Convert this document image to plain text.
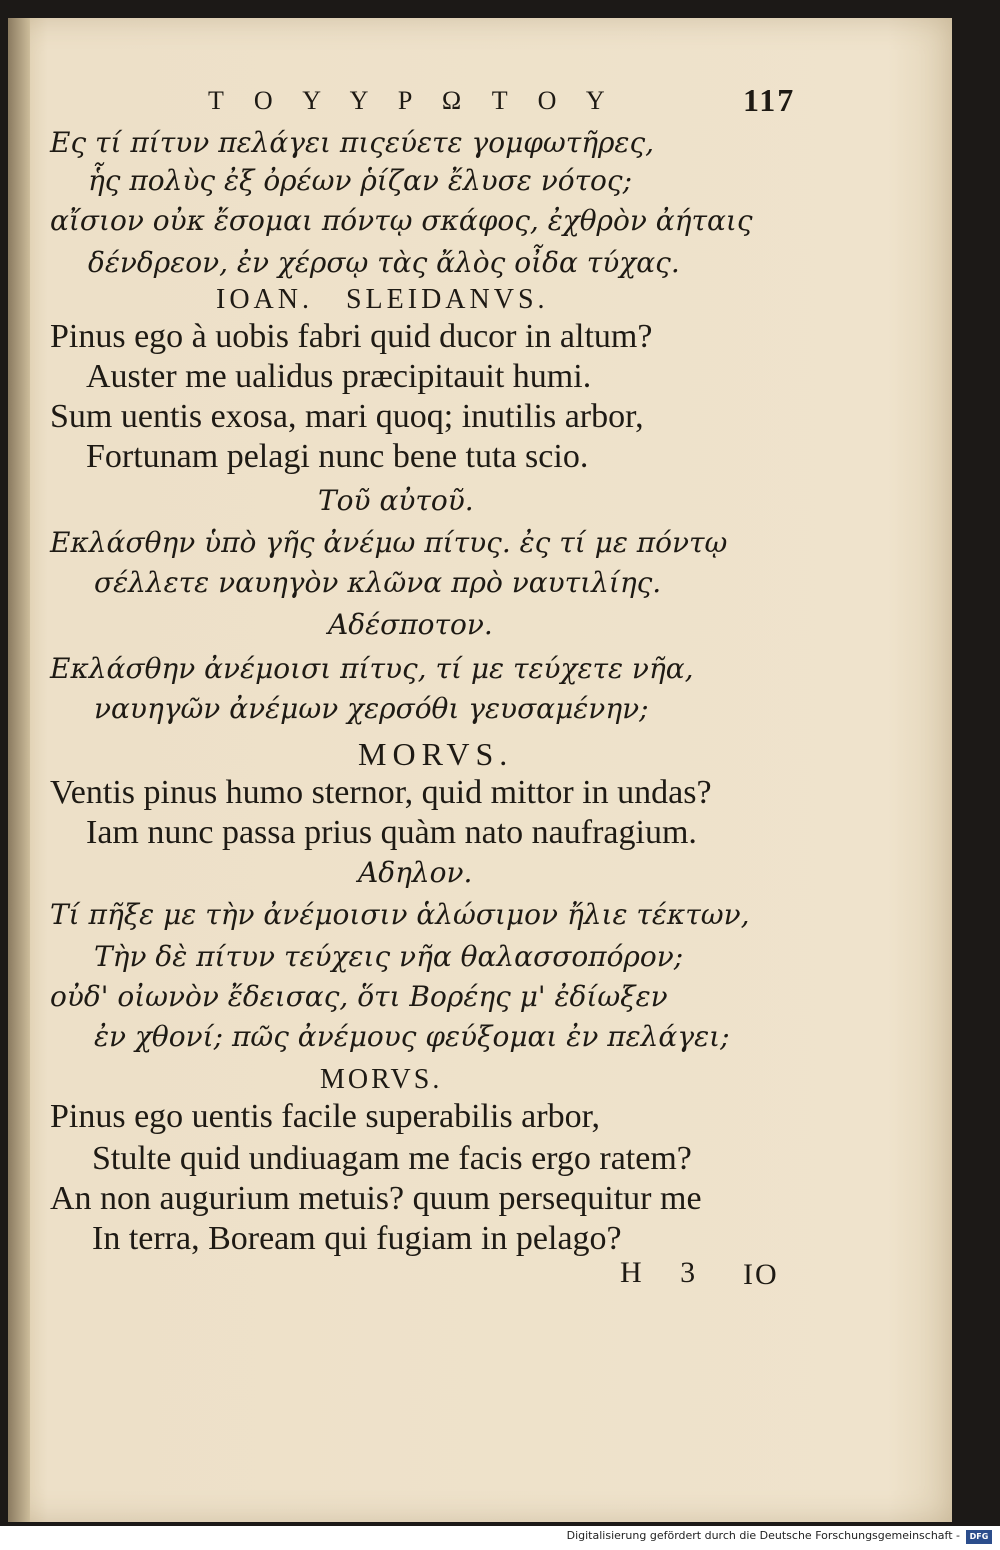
T O Y Y P Ω T O Y	117
Ες τί πίτυν πελάγει πιςεύετε γομφωτῆρες,
ἧς πολὺς ἐξ ὀρέων ῥίζαν ἔλυσε νότος;
αἴσιον οὐκ ἔσομαι πόντῳ σκάφος, ἐχθρὸν ἀήταις
δένδρεον, ἐν χέρσῳ τὰς ἄλὸς οἶδα τύχας.
IOAN.   SLEIDANVS.
Pinus ego à uobis fabri quid ducor in altum?
Auster me ualidus præcipitauit humi.
Sum uentis exosa, mari quoq; inutilis arbor,
Fortunam pelagi nunc bene tuta scio.
Τοῦ αὐτοῦ.
Εκλάσθην ὑπὸ γῆς ἀνέμω πίτυς. ἐς τί με πόντῳ
σέλλετε ναυηγὸν κλῶνα πρὸ ναυτιλίης.
Αδέσποτον.
Εκλάσθην ἀνέμοισι πίτυς, τί με τεύχετε νῆα,
ναυηγῶν ἀνέμων χερσόθι γευσαμένην;
MORVS.
Ventis pinus humo sternor, quid mittor in undas?
Iam nunc passa prius quàm nato naufragium.
Αδηλον.
Τί πῆξε με τὴν ἀνέμοισιν ἁλώσιμον ἤλιε τέκτων,
Τὴν δὲ πίτυν τεύχεις νῆα θαλασσοπόρον;
οὐδ' οἰωνὸν ἔδεισας, ὅτι Βορέης μ' ἐδίωξεν
ἐν χθονί; πῶς ἀνέμους φεύξομαι ἐν πελάγει;
MORVS.
Pinus ego uentis facile superabilis arbor,
Stulte quid undiuagam me facis ergo ratem?
An non augurium metuis? quum persequitur me
In terra, Boream qui fugiam in pelago?
H   3 IO
Digitalisierung gefördert durch die Deutsche Forschungsgemeinschaft -	DFG
